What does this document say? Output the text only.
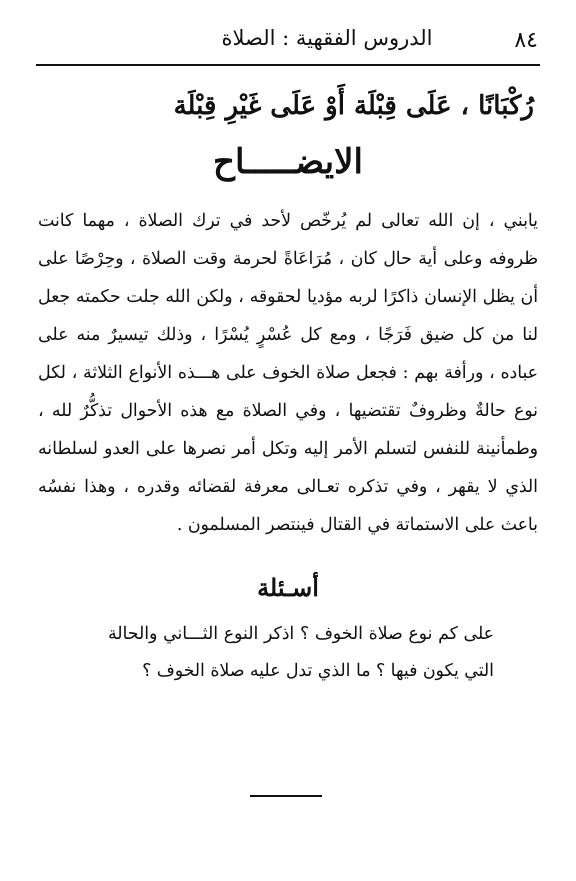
٨٤
الدروس الفقهية : الصلاة
رُكْبَانًا ، عَلَى قِبْلَة أَوْ عَلَى غَيْرِ قِبْلَة
الايضـــــاح
يابني ، إن الله تعالى لم يُرخّص لأحد في ترك الصلاة ، مهما كانت ظروفه وعلى أية حال كان ، مُرَاعَاةً لحرمة وقت الصلاة ، وحِرْصًا على أن يظل الإنسان ذاكرًا لربه مؤديا لحقوقه ، ولكن الله جلت حكمته جعل لنا من كل ضيق فَرَجًا ، ومع كل عُسْرٍ يُسْرًا ، وذلك تيسيرٌ منه على عباده ، ورأفة بهم : فجعل صلاة الخوف على هـــذه الأنواع الثلاثة ، لكل نوع حالةٌ وظروفٌ تقتضيها ، وفي الصلاة مع هذه الأحوال تذكُّرٌ لله ، وطمأنينة للنفس لتسلم الأمر إليه وتكل أمر نصرها على العدو لسلطانه الذي لا يقهر ، وفي تذكره تعـالى معرفة لقضائه وقدره ، وهذا نفسُه باعث على الاستماتة في القتال فينتصر المسلمون .
أسـئلة
على كم نوع صلاة الخوف ؟ اذكر النوع الثـــاني والحالة التي يكون فيها ؟ ما الذي تدل عليه صلاة الخوف ؟
